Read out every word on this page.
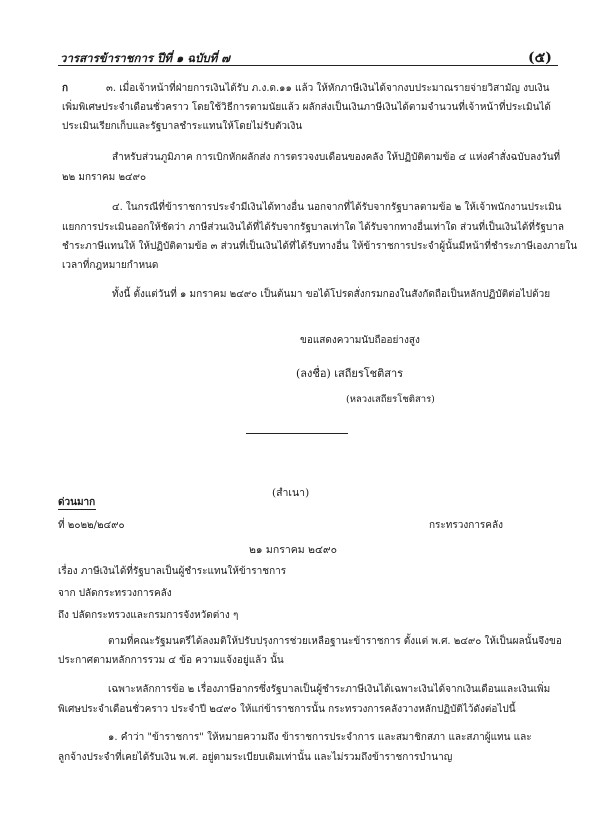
วารสารข้าราชการ ปีที่ ๑ ฉบับที่ ๗	(๕)
ก	๓. เมื่อเจ้าหน้าที่ฝ่ายการเงินได้รับ ภ.ง.ด.๑๑ แล้ว ให้หักภาษีเงินได้จากงบประมาณรายจ่ายวิสามัญ งบเงิน
เพิ่มพิเศษประจำเดือนชั่วคราว โดยใช้วิธีการตามนัยแล้ว ผลักส่งเป็นเงินภาษีเงินได้ตามจำนวนที่เจ้าหน้าที่ประเมินได้
ประเมินเรียกเก็บและรัฐบาลชำระแทนให้โดยไม่รับตัวเงิน
สำหรับส่วนภูมิภาค การเบิกหักผลักส่ง การตรวจงบเดือนของคลัง ให้ปฏิบัติตามข้อ ๔ แห่งคำสั่งฉบับลงวันที่
๒๒ มกราคม ๒๔๙๐
๔. ในกรณีที่ข้าราชการประจำมีเงินได้ทางอื่น นอกจากที่ได้รับจากรัฐบาลตามข้อ ๒ ให้เจ้าพนักงานประเมิน
แยกการประเมินออกให้ชัดว่า ภาษีส่วนเงินได้ที่ได้รับจากรัฐบาลเท่าใด ได้รับจากทางอื่นเท่าใด ส่วนที่เป็นเงินได้ที่รัฐบาล
ชำระภาษีแทนให้ ให้ปฏิบัติตามข้อ ๓ ส่วนที่เป็นเงินได้ที่ได้รับทางอื่น ให้ข้าราชการประจำผู้นั้นมีหน้าที่ชำระภาษีเองภายใน
เวลาที่กฎหมายกำหนด
ทั้งนี้ ตั้งแต่วันที่ ๑ มกราคม ๒๔๙๐ เป็นต้นมา ขอได้โปรดสั่งกรมกองในสังกัดถือเป็นหลักปฏิบัติต่อไปด้วย
ขอแสดงความนับถืออย่างสูง
(ลงชื่อ) เสถียรโชติสาร
(หลวงเสถียรโชติสาร)
(สำเนา)
ด่วนมาก
ที่ ๒๐๒๒/๒๔๙๐	กระทรวงการคลัง
๒๑ มกราคม ๒๔๙๐
เรื่อง ภาษีเงินได้ที่รัฐบาลเป็นผู้ชำระแทนให้ข้าราชการ
จาก ปลัดกระทรวงการคลัง
ถึง ปลัดกระทรวงและกรมการจังหวัดต่าง ๆ
ตามที่คณะรัฐมนตรีได้ลงมติให้ปรับปรุงการช่วยเหลือฐานะข้าราชการ ตั้งแต่ พ.ศ. ๒๔๙๐ ให้เป็นผลนั้นจึงขอ
ประกาศตามหลักการรวม ๔ ข้อ ความแจ้งอยู่แล้ว นั้น
เฉพาะหลักการข้อ ๒ เรื่องภาษีอากรซึ่งรัฐบาลเป็นผู้ชำระภาษีเงินได้เฉพาะเงินได้จากเงินเดือนและเงินเพิ่ม
พิเศษประจำเดือนชั่วคราว ประจำปี ๒๔๙๐ ให้แก่ข้าราชการนั้น กระทรวงการคลังวางหลักปฏิบัติไว้ดังต่อไปนี้
๑. คำว่า "ข้าราชการ" ให้หมายความถึง ข้าราชการประจำการ และสมาชิกสภา และสภาผู้แทน และ
ลูกจ้างประจำที่เคยได้รับเงิน พ.ศ. อยู่ตามระเบียบเดิมเท่านั้น และไม่รวมถึงข้าราชการบำนาญ
